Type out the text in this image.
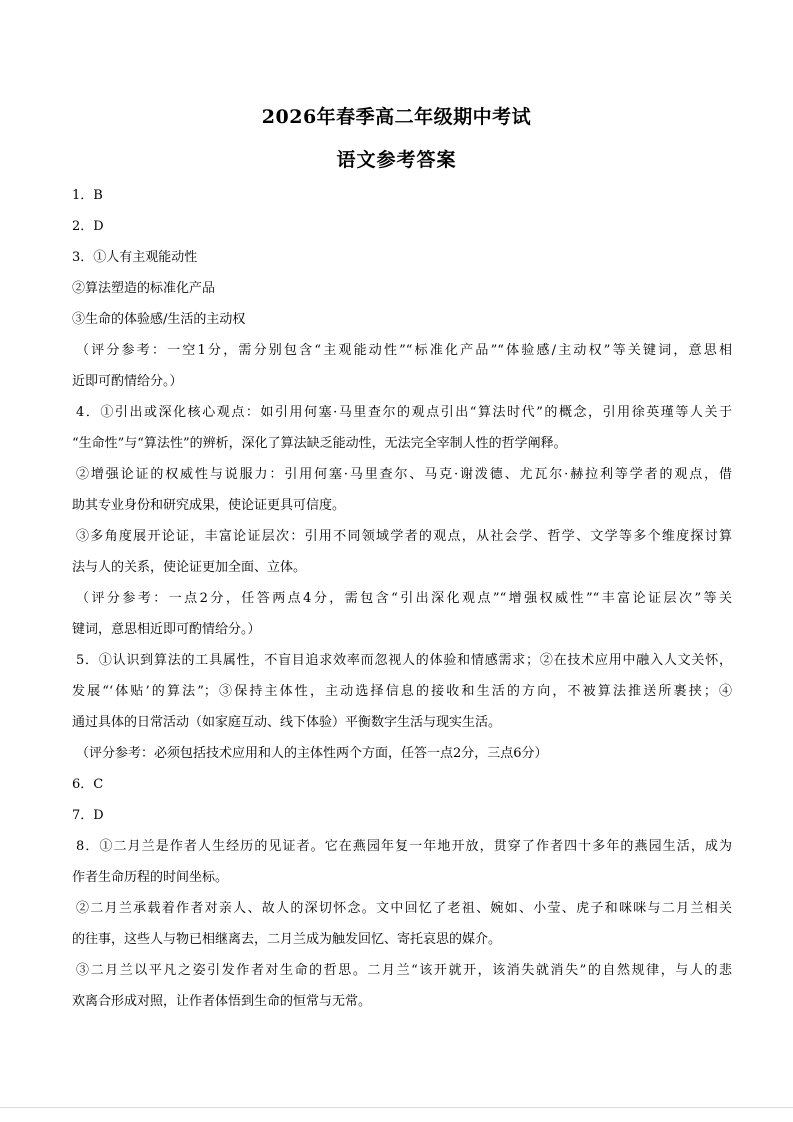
2026年春季高二年级期中考试
语文参考答案
1．B
2．D
3．①人有主观能动性
②算法塑造的标准化产品
③生命的体验感/生活的主动权
（评分参考：一空1分，需分别包含“主观能动性”“标准化产品”“体验感/主动权”等关键词，意思相
近即可酌情给分。）
4．①引出或深化核心观点：如引用何塞·马里查尔的观点引出“算法时代”的概念，引用徐英瑾等人关于
“生命性”与“算法性”的辨析，深化了算法缺乏能动性，无法完全宰制人性的哲学阐释。
②增强论证的权威性与说服力：引用何塞·马里查尔、马克·谢泼德、尤瓦尔·赫拉利等学者的观点，借
助其专业身份和研究成果，使论证更具可信度。
③多角度展开论证，丰富论证层次：引用不同领域学者的观点，从社会学、哲学、文学等多个维度探讨算
法与人的关系，使论证更加全面、立体。
（评分参考：一点2分，任答两点4分，需包含“引出深化观点”“增强权威性”“丰富论证层次”等关
键词，意思相近即可酌情给分。）
5．①认识到算法的工具属性，不盲目追求效率而忽视人的体验和情感需求；②在技术应用中融入人文关怀，
发展“‘体贴’的算法”；③保持主体性，主动选择信息的接收和生活的方向，不被算法推送所裹挟；④
通过具体的日常活动（如家庭互动、线下体验）平衡数字生活与现实生活。
（评分参考：必须包括技术应用和人的主体性两个方面，任答一点2分，三点6分）
6．C
7．D
8．①二月兰是作者人生经历的见证者。它在燕园年复一年地开放，贯穿了作者四十多年的燕园生活，成为
作者生命历程的时间坐标。
②二月兰承载着作者对亲人、故人的深切怀念。文中回忆了老祖、婉如、小莹、虎子和咪咪与二月兰相关
的往事，这些人与物已相继离去，二月兰成为触发回忆、寄托哀思的媒介。
③二月兰以平凡之姿引发作者对生命的哲思。二月兰“该开就开，该消失就消失”的自然规律，与人的悲
欢离合形成对照，让作者体悟到生命的恒常与无常。
